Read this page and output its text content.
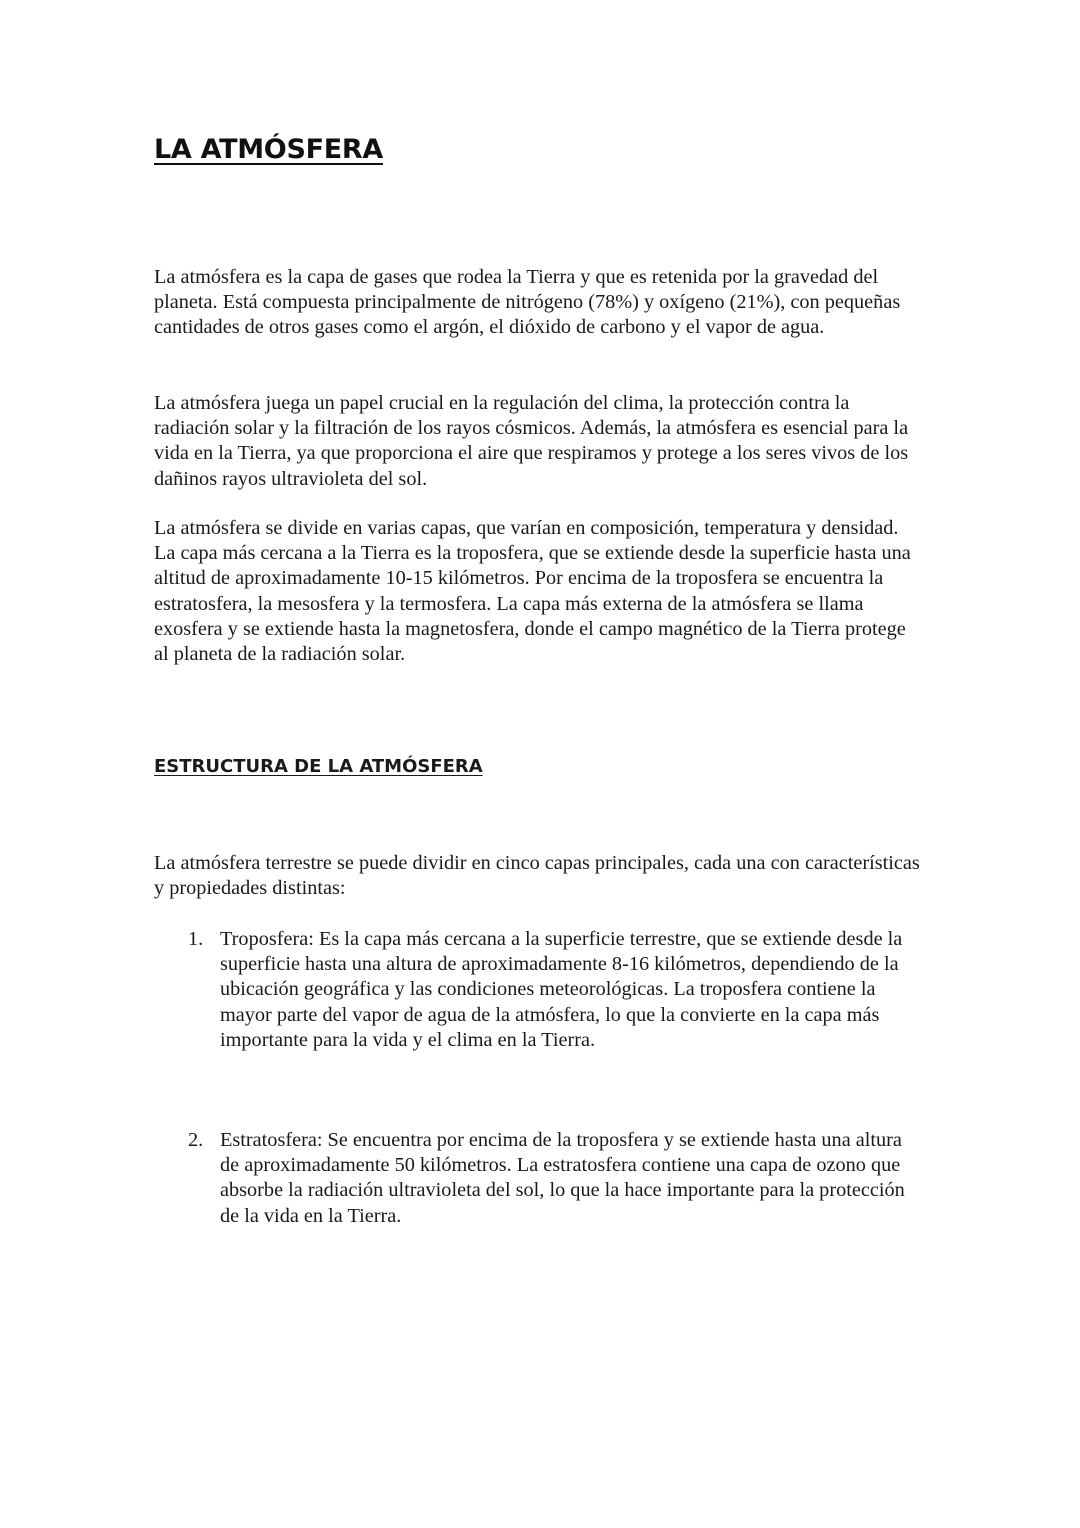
LA ATMÓSFERA

La atmósfera es la capa de gases que rodea la Tierra y que es retenida por la gravedad del planeta. Está compuesta principalmente de nitrógeno (78%) y oxígeno (21%), con pequeñas cantidades de otros gases como el argón, el dióxido de carbono y el vapor de agua.

La atmósfera juega un papel crucial en la regulación del clima, la protección contra la radiación solar y la filtración de los rayos cósmicos. Además, la atmósfera es esencial para la vida en la Tierra, ya que proporciona el aire que respiramos y protege a los seres vivos de los dañinos rayos ultravioleta del sol.

La atmósfera se divide en varias capas, que varían en composición, temperatura y densidad. La capa más cercana a la Tierra es la troposfera, que se extiende desde la superficie hasta una altitud de aproximadamente 10-15 kilómetros. Por encima de la troposfera se encuentra la estratosfera, la mesosfera y la termosfera. La capa más externa de la atmósfera se llama exosfera y se extiende hasta la magnetosfera, donde el campo magnético de la Tierra protege al planeta de la radiación solar.

ESTRUCTURA DE LA ATMÓSFERA

La atmósfera terrestre se puede dividir en cinco capas principales, cada una con características y propiedades distintas:

1. Troposfera: Es la capa más cercana a la superficie terrestre, que se extiende desde la superficie hasta una altura de aproximadamente 8-16 kilómetros, dependiendo de la ubicación geográfica y las condiciones meteorológicas. La troposfera contiene la mayor parte del vapor de agua de la atmósfera, lo que la convierte en la capa más importante para la vida y el clima en la Tierra.

2. Estratosfera: Se encuentra por encima de la troposfera y se extiende hasta una altura de aproximadamente 50 kilómetros. La estratosfera contiene una capa de ozono que absorbe la radiación ultravioleta del sol, lo que la hace importante para la protección de la vida en la Tierra.
